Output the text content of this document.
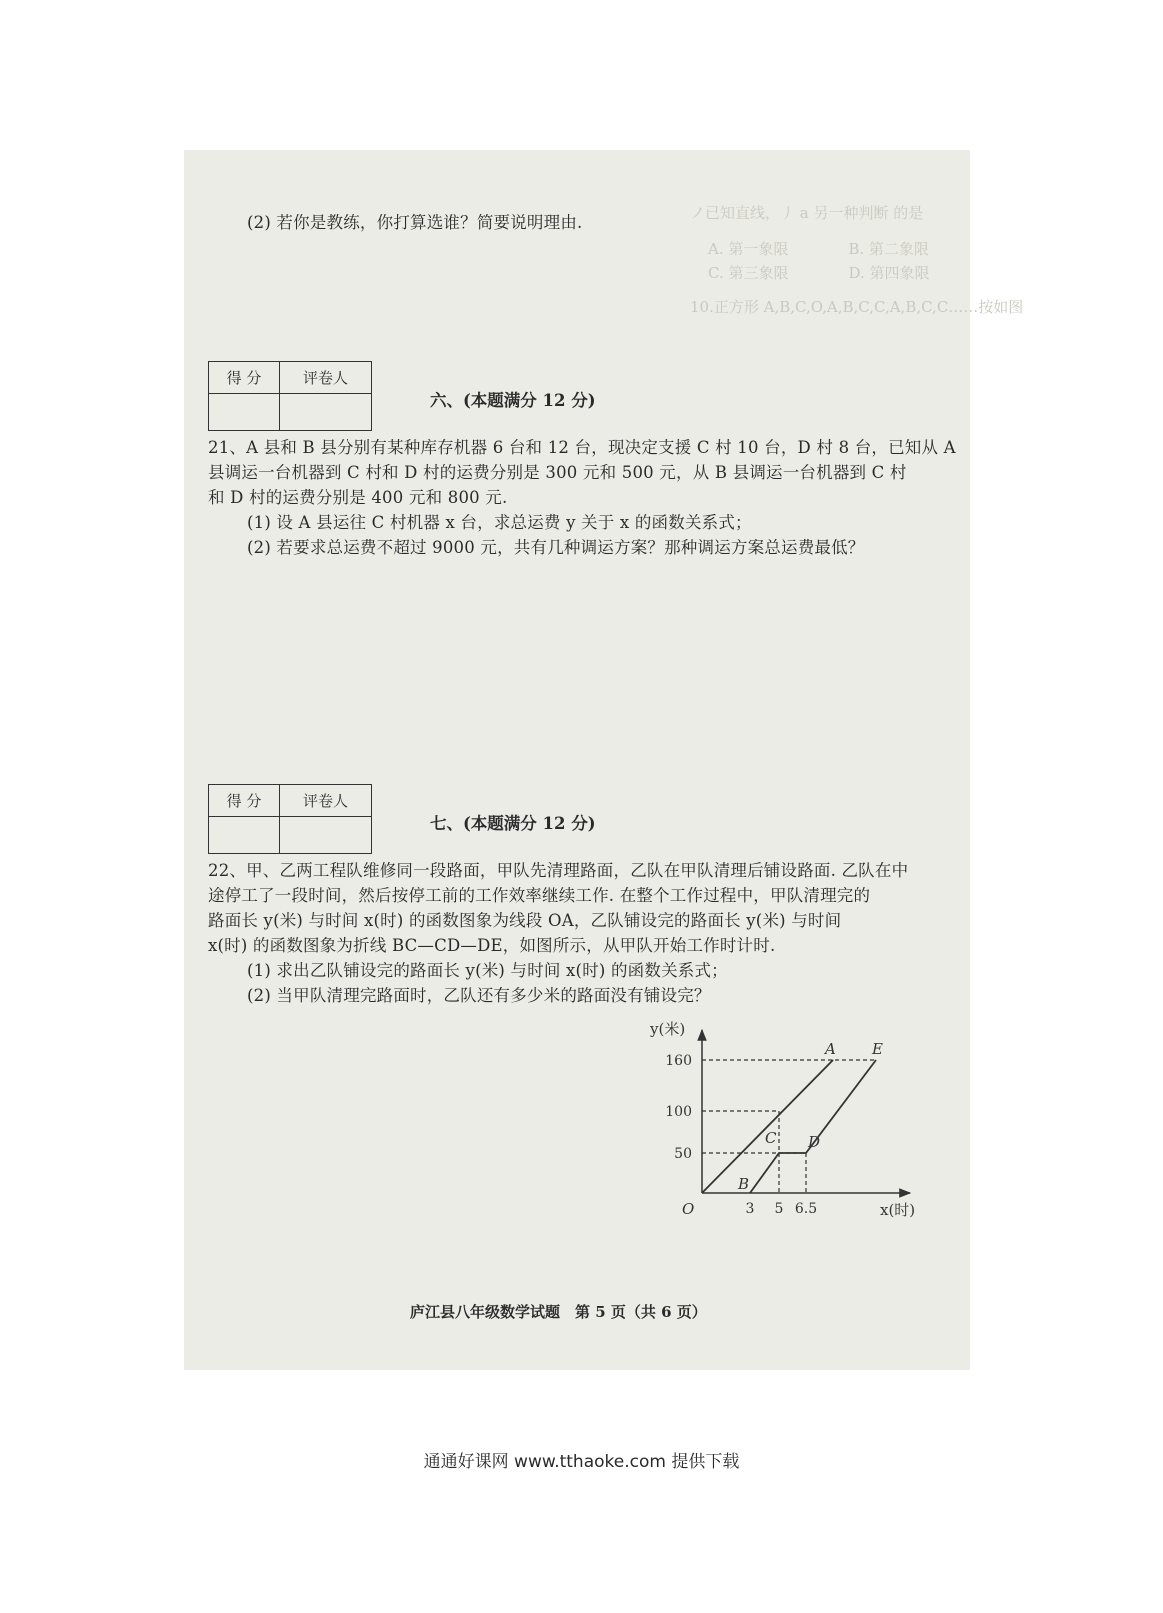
ノ已知直线，丿 a 另一种判断 的是
A. 第一象限　　　　B. 第二象限
C. 第三象限　　　　D. 第四象限
10.正方形 A,B,C,O,A,B,C,C,A,B,C,C……按如图
(2) 若你是教练，你打算选谁？简要说明理由.
得 分	评卷人

六、(本题满分 12 分)
21、A 县和 B 县分别有某种库存机器 6 台和 12 台，现决定支援 C 村 10 台，D 村 8 台，已知从 A
县调运一台机器到 C 村和 D 村的运费分别是 300 元和 500 元，从 B 县调运一台机器到 C 村
和 D 村的运费分别是 400 元和 800 元.
(1) 设 A 县运往 C 村机器 x 台，求总运费 y 关于 x 的函数关系式；
(2) 若要求总运费不超过 9000 元，共有几种调运方案？那种调运方案总运费最低？
得 分	评卷人

七、(本题满分 12 分)
22、甲、乙两工程队维修同一段路面，甲队先清理路面，乙队在甲队清理后铺设路面. 乙队在中
途停工了一段时间，然后按停工前的工作效率继续工作. 在整个工作过程中，甲队清理完的
路面长 y(米) 与时间 x(时) 的函数图象为线段 OA，乙队铺设完的路面长 y(米) 与时间
x(时) 的函数图象为折线 BC—CD—DE，如图所示，从甲队开始工作时计时.
(1) 求出乙队铺设完的路面长 y(米) 与时间 x(时) 的函数关系式；
(2) 当甲队清理完路面时，乙队还有多少米的路面没有铺设完？
y(米)
x(时)
O
A
B
C D
E
3 5 6.5
50
100
160
庐江县八年级数学试题　第 5 页（共 6 页）
通通好课网 www.tthaoke.com 提供下载
